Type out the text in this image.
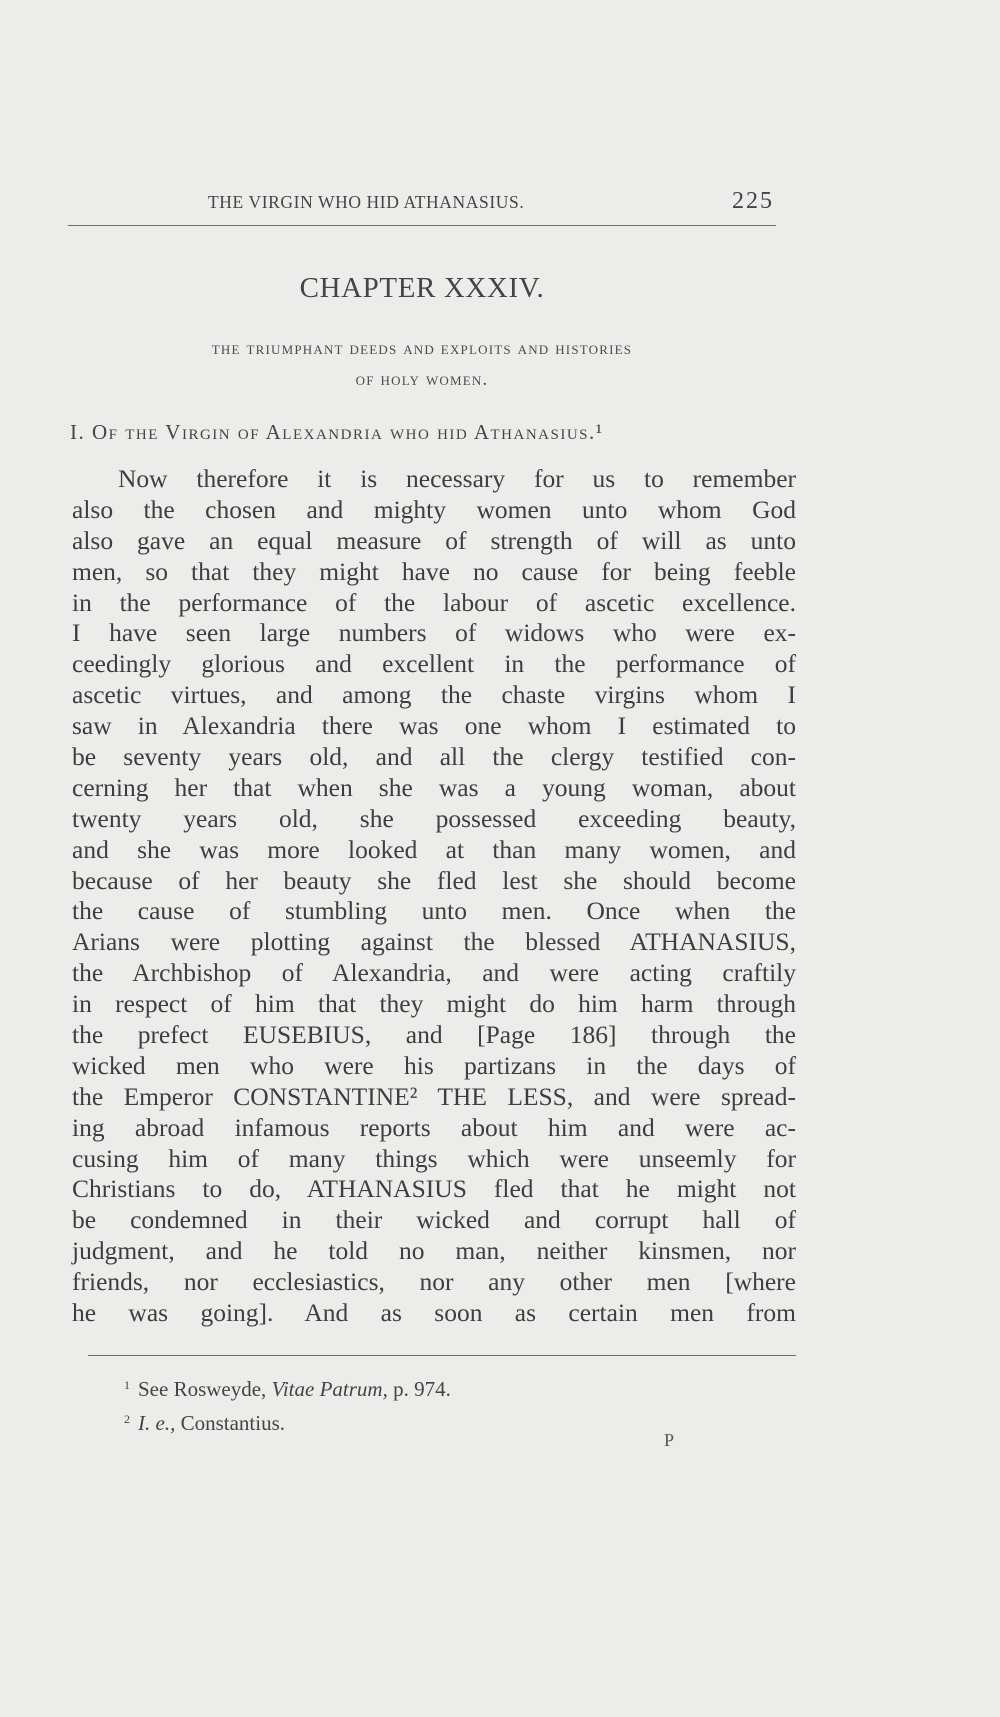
THE VIRGIN WHO HID ATHANASIUS.	225
CHAPTER XXXIV.
the triumphant deeds and exploits and histories
of holy women.
I. Of the Virgin of Alexandria who hid Athanasius.¹
Now therefore it is necessary for us to remember
also the chosen and mighty women unto whom God
also gave an equal measure of strength of will as unto
men, so that they might have no cause for being feeble
in the performance of the labour of ascetic excellence.
I have seen large numbers of widows who were ex-
ceedingly glorious and excellent in the performance of
ascetic virtues, and among the chaste virgins whom I
saw in Alexandria there was one whom I estimated to
be seventy years old, and all the clergy testified con-
cerning her that when she was a young woman, about
twenty years old, she possessed exceeding beauty,
and she was more looked at than many women, and
because of her beauty she fled lest she should become
the cause of stumbling unto men. Once when the
Arians were plotting against the blessed ATHANASIUS,
the Archbishop of Alexandria, and were acting craftily
in respect of him that they might do him harm through
the prefect EUSEBIUS, and [Page 186] through the
wicked men who were his partizans in the days of
the Emperor CONSTANTINE² THE LESS, and were spread-
ing abroad infamous reports about him and were ac-
cusing him of many things which were unseemly for
Christians to do, ATHANASIUS fled that he might not
be condemned in their wicked and corrupt hall of
judgment, and he told no man, neither kinsmen, nor
friends, nor ecclesiastics, nor any other men [where
he was going]. And as soon as certain men from
$^1$ See Rosweyde, Vitae Patrum, p. 974.
$^2$ I. e., Constantius.
P
